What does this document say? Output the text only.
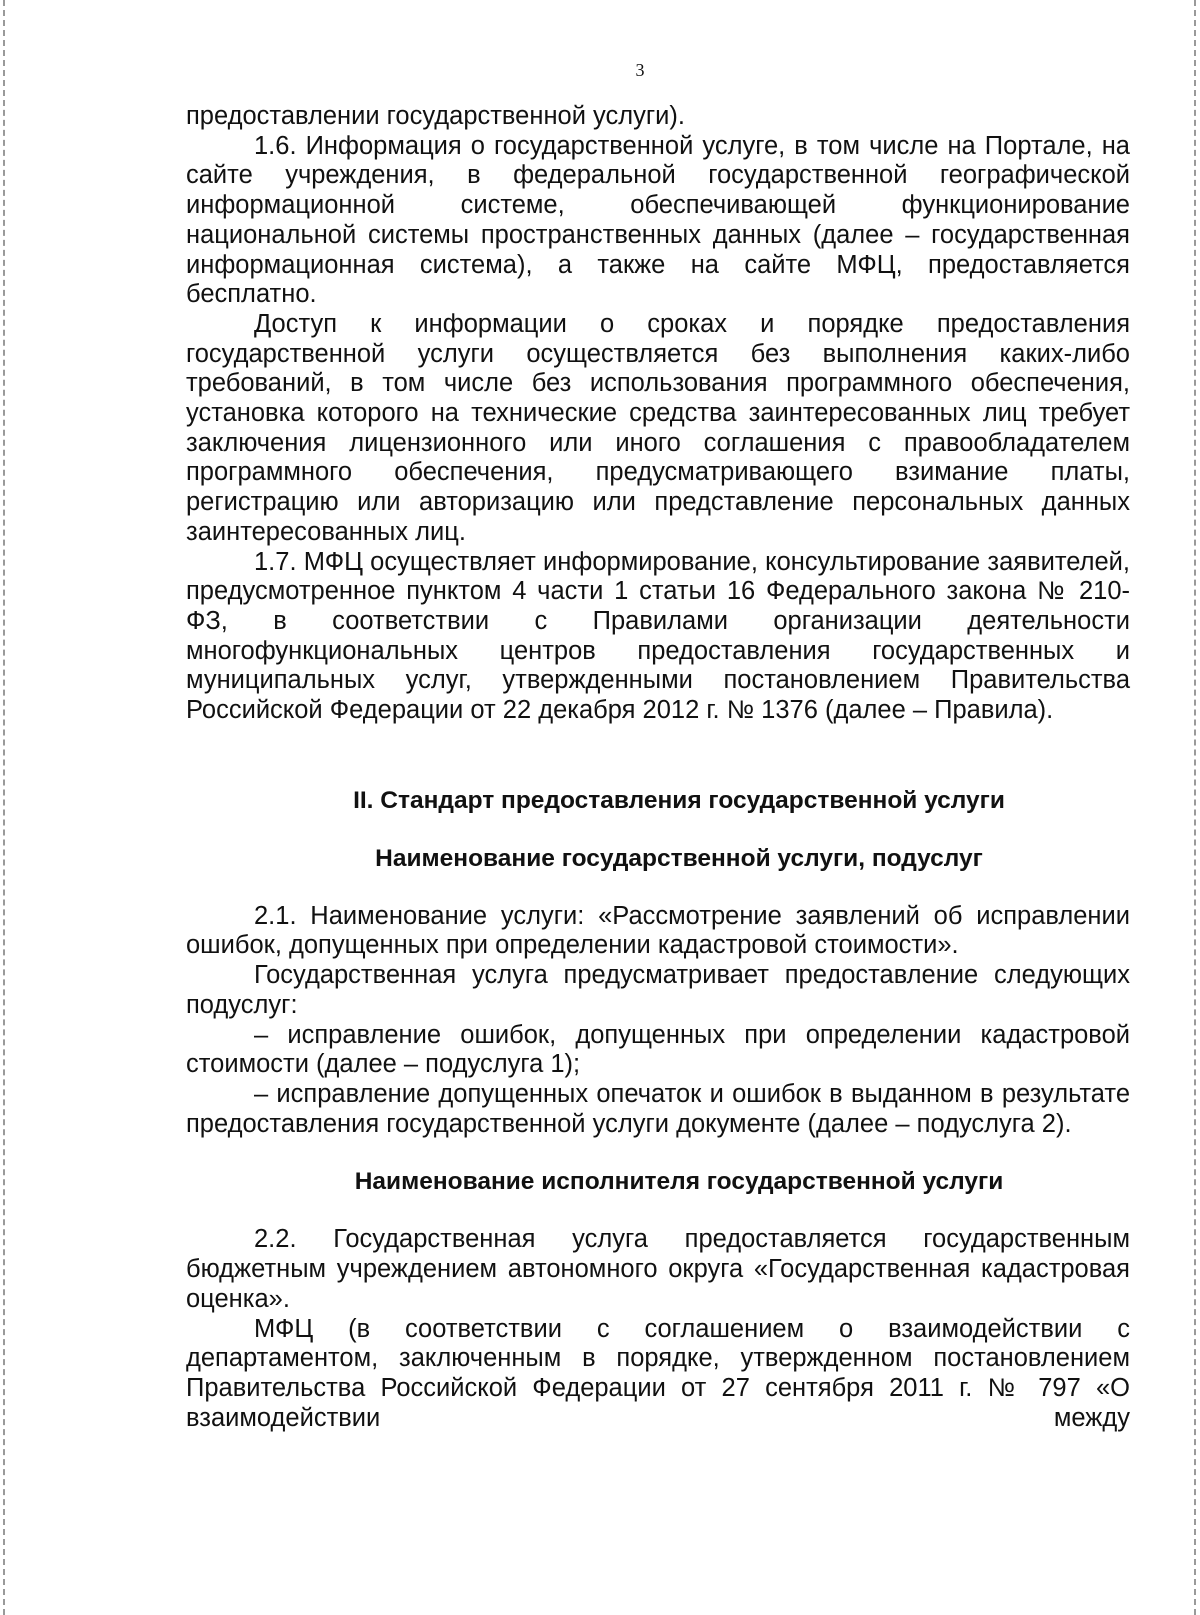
3

предоставлении государственной услуги).

1.6. Информация о государственной услуге, в том числе на Портале, на сайте учреждения, в федеральной государственной географической информационной системе, обеспечивающей функционирование национальной системы пространственных данных (далее – государственная информационная система), а также на сайте МФЦ, предоставляется бесплатно.

Доступ к информации о сроках и порядке предоставления государственной услуги осуществляется без выполнения каких-либо требований, в том числе без использования программного обеспечения, установка которого на технические средства заинтересованных лиц требует заключения лицензионного или иного соглашения с правообладателем программного обеспечения, предусматривающего взимание платы, регистрацию или авторизацию или представление персональных данных заинтересованных лиц.

1.7. МФЦ осуществляет информирование, консультирование заявителей, предусмотренное пунктом 4 части 1 статьи 16 Федерального закона № 210-ФЗ, в соответствии с Правилами организации деятельности многофункциональных центров предоставления государственных и муниципальных услуг, утвержденными постановлением Правительства Российской Федерации от 22 декабря 2012 г. № 1376 (далее – Правила).

II. Стандарт предоставления государственной услуги

Наименование государственной услуги, подуслуг

2.1. Наименование услуги: «Рассмотрение заявлений об исправлении ошибок, допущенных при определении кадастровой стоимости».

Государственная услуга предусматривает предоставление следующих подуслуг:

– исправление ошибок, допущенных при определении кадастровой стоимости (далее – подуслуга 1);

– исправление допущенных опечаток и ошибок в выданном в результате предоставления государственной услуги документе (далее – подуслуга 2).

Наименование исполнителя государственной услуги

2.2. Государственная услуга предоставляется государственным бюджетным учреждением автономного округа «Государственная кадастровая оценка».

МФЦ (в соответствии с соглашением о взаимодействии с департаментом, заключенным в порядке, утвержденном постановлением Правительства Российской Федерации от 27 сентября 2011 г. № 797 «О взаимодействии между
